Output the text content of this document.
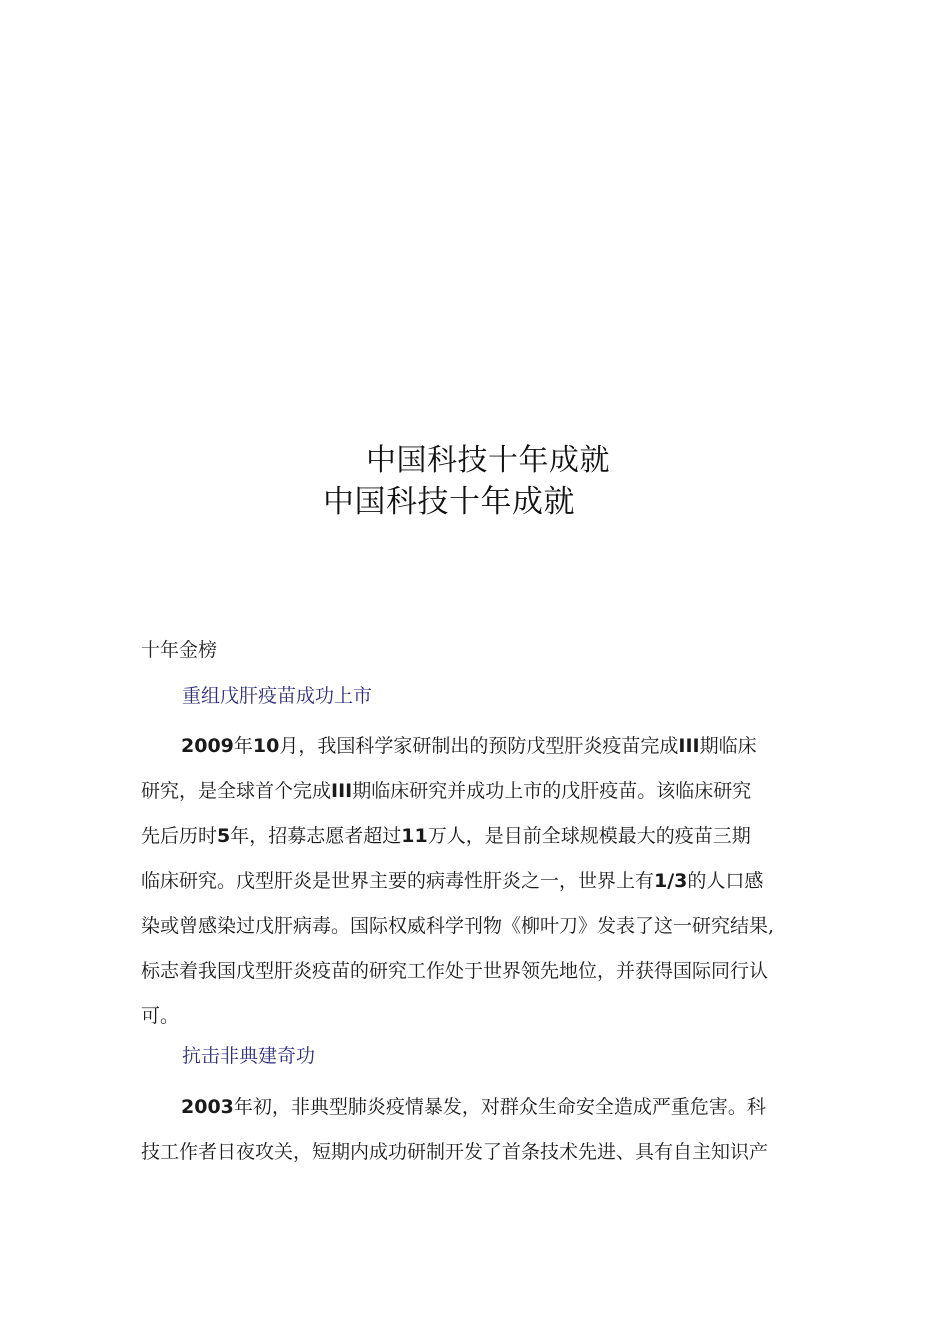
中国科技十年成就
中国科技十年成就
十年金榜
重组戊肝疫苗成功上市
2009年10月，我国科学家研制出的预防戊型肝炎疫苗完成III期临床
研究，是全球首个完成III期临床研究并成功上市的戊肝疫苗。该临床研究
先后历时5年，招募志愿者超过11万人，是目前全球规模最大的疫苗三期
临床研究。戊型肝炎是世界主要的病毒性肝炎之一，世界上有1/3的人口感
染或曾感染过戊肝病毒。国际权威科学刊物《柳叶刀》发表了这一研究结果,
标志着我国戊型肝炎疫苗的研究工作处于世界领先地位，并获得国际同行认
可。
抗击非典建奇功
2003年初，非典型肺炎疫情暴发，对群众生命安全造成严重危害。科
技工作者日夜攻关，短期内成功研制开发了首条技术先进、具有自主知识产
